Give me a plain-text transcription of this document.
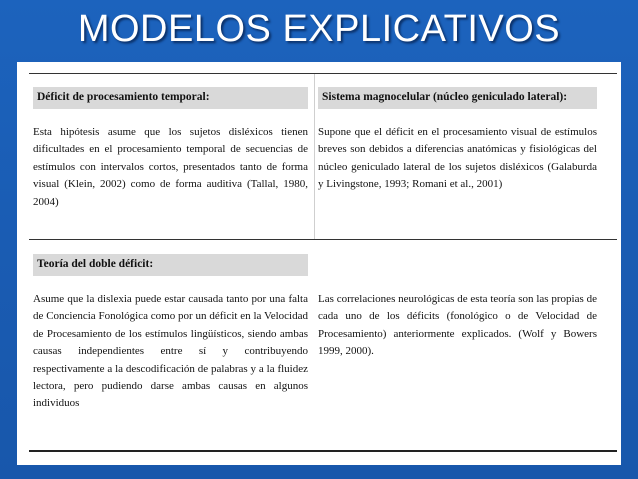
MODELOS EXPLICATIVOS
Déficit de procesamiento temporal:
Esta hipótesis asume que los sujetos disléxicos tienen dificultades en el procesamiento temporal de secuencias de estímulos con intervalos cortos, presentados tanto de forma visual (Klein, 2002) como de forma auditiva (Tallal, 1980, 2004)
Sistema magnocelular (núcleo geniculado lateral):
Supone que el déficit en el procesamiento visual de estímulos breves son debidos a diferencias anatómicas y fisiológicas del núcleo geniculado lateral de los sujetos disléxicos (Galaburda y Livingstone, 1993; Romani et al., 2001)
Teoría del doble déficit:
Asume que la dislexia puede estar causada tanto por una falta de Conciencia Fonológica como por un déficit en la Velocidad de Procesamiento de los estímulos lingüísticos, siendo ambas causas independientes entre sí y contribuyendo respectivamente a la descodificación de palabras y a la fluidez lectora, pero pudiendo darse ambas causas en algunos individuos
Las correlaciones neurológicas de esta teoría son las propias de cada uno de los déficits (fonológico o de Velocidad de Procesamiento) anteriormente explicados. (Wolf y Bowers 1999, 2000).
